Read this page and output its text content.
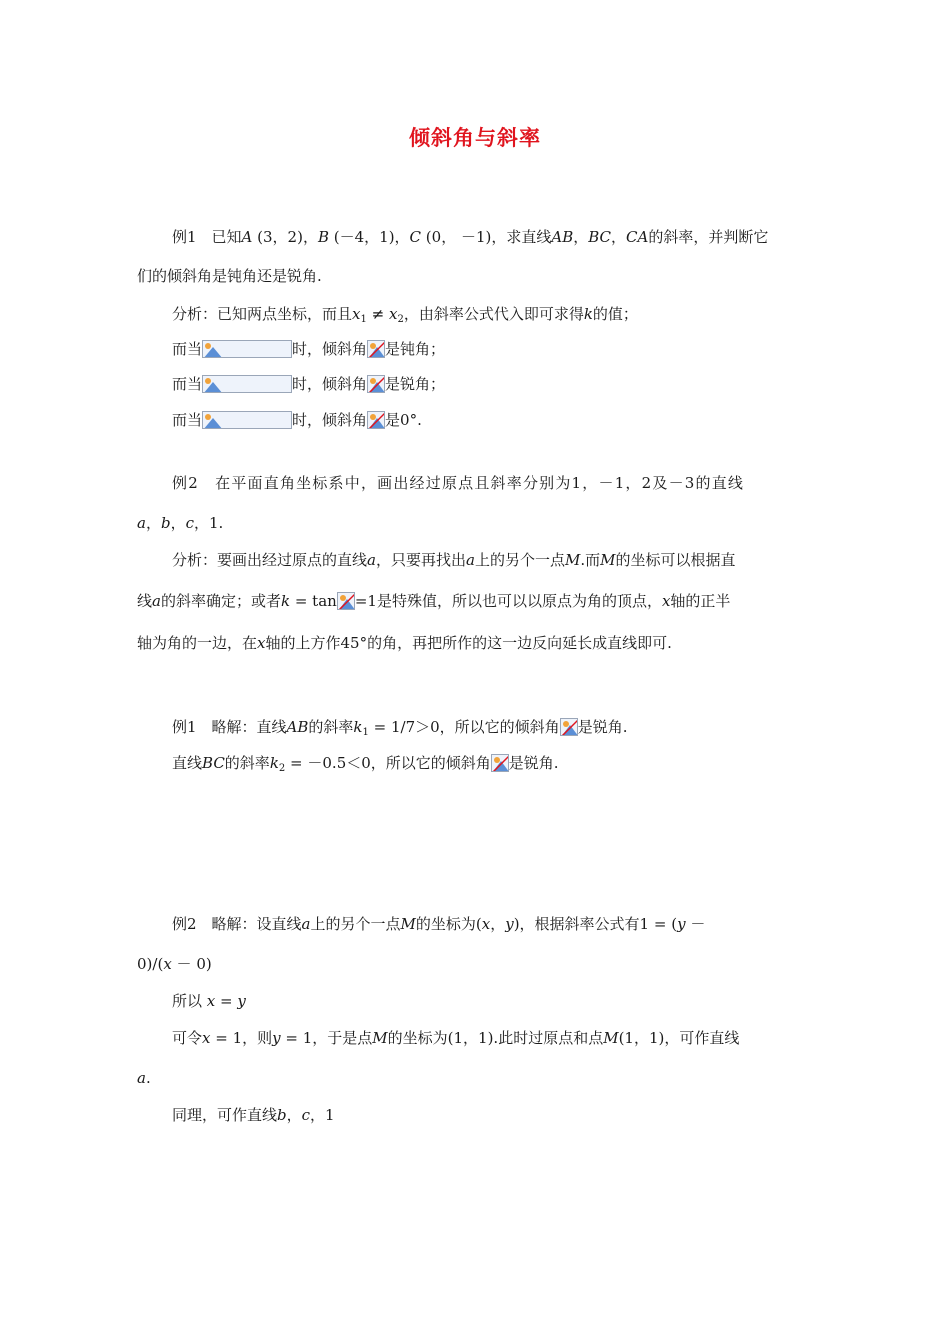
倾斜角与斜率
例1　已知A (3，2)，B (－4，1)，C (0， －1)，求直线AB，BC，CA的斜率，并判断它
们的倾斜角是钝角还是锐角.
分析：已知两点坐标，而且$x_1 \ne x_2$，由斜率公式代入即可求得k的值；
而当	时，倾斜角 是钝角；
而当	时，倾斜角 是锐角；
而当	时，倾斜角 是0°.
例2　在平面直角坐标系中，画出经过原点且斜率分别为1，－1，2及－3的直线
a，b，c，1.
分析：要画出经过原点的直线a，只要再找出a上的另个一点M.而M的坐标可以根据直
线a的斜率确定；或者k = tan =1是特殊值，所以也可以以原点为角的顶点，x轴的正半
轴为角的一边，在x轴的上方作45°的角，再把所作的这一边反向延长成直线即可.
例1　略解：直线AB的斜率$k_1 = 1/7>0$，所以它的倾斜角 是锐角.
直线BC的斜率$k_2 = -0.5<0$，所以它的倾斜角 是锐角.
例2　略解：设直线a上的另个一点M的坐标为(x，y)，根据斜率公式有1 = (y －
0)/(x － 0)
所以 x = y
可令x = 1，则y = 1，于是点M的坐标为(1，1).此时过原点和点M(1，1)，可作直线
a.
同理，可作直线b，c，1
